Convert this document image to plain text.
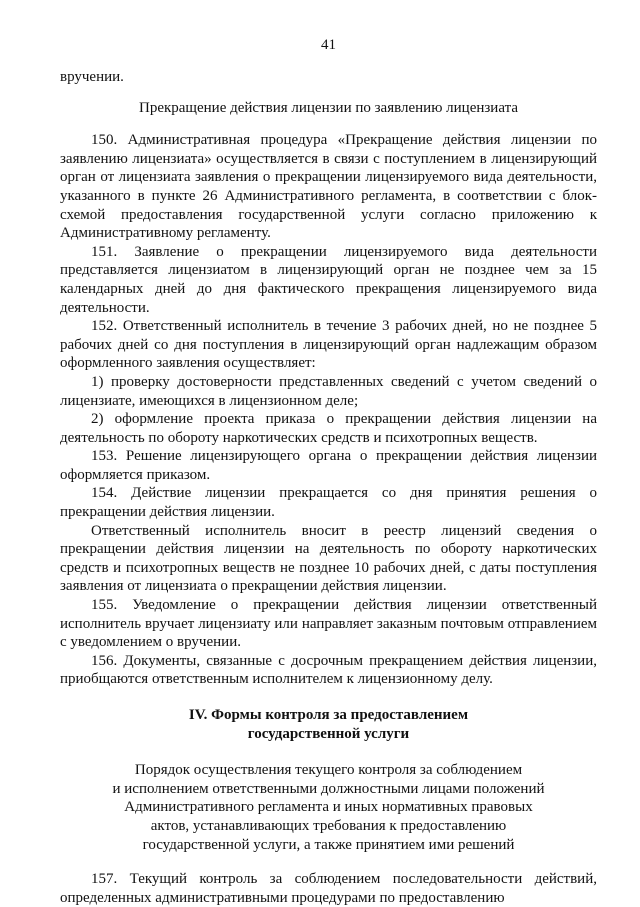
41

вручении.

Прекращение действия лицензии по заявлению лицензиата

150. Административная процедура «Прекращение действия лицензии по заявлению лицензиата» осуществляется в связи с поступлением в лицензирующий орган от лицензиата заявления о прекращении лицензируемого вида деятельности, указанного в пункте 26 Административного регламента, в соответствии с блок-схемой предоставления государственной услуги согласно приложению к Административному регламенту.

151. Заявление о прекращении лицензируемого вида деятельности представляется лицензиатом в лицензирующий орган не позднее чем за 15 календарных дней до дня фактического прекращения лицензируемого вида деятельности.

152. Ответственный исполнитель в течение 3 рабочих дней, но не позднее 5 рабочих дней со дня поступления в лицензирующий орган надлежащим образом оформленного заявления осуществляет:

1) проверку достоверности представленных сведений с учетом сведений о лицензиате, имеющихся в лицензионном деле;

2) оформление проекта приказа о прекращении действия лицензии на деятельность по обороту наркотических средств и психотропных веществ.

153. Решение лицензирующего органа о прекращении действия лицензии оформляется приказом.

154. Действие лицензии прекращается со дня принятия решения о прекращении действия лицензии.

Ответственный исполнитель вносит в реестр лицензий сведения о прекращении действия лицензии на деятельность по обороту наркотических средств и психотропных веществ не позднее 10 рабочих дней, с даты поступления заявления от лицензиата о прекращении действия лицензии.

155. Уведомление о прекращении действия лицензии ответственный исполнитель вручает лицензиату или направляет заказным почтовым отправлением с уведомлением о вручении.

156. Документы, связанные с досрочным прекращением действия лицензии, приобщаются ответственным исполнителем к лицензионному делу.

IV. Формы контроля за предоставлением
государственной услуги
Порядок осуществления текущего контроля за соблюдением
и исполнением ответственными должностными лицами положений
Административного регламента и иных нормативных правовых
актов, устанавливающих требования к предоставлению
государственной услуги, а также принятием ими решений

157. Текущий контроль за соблюдением последовательности действий, определенных административными процедурами по предоставлению
